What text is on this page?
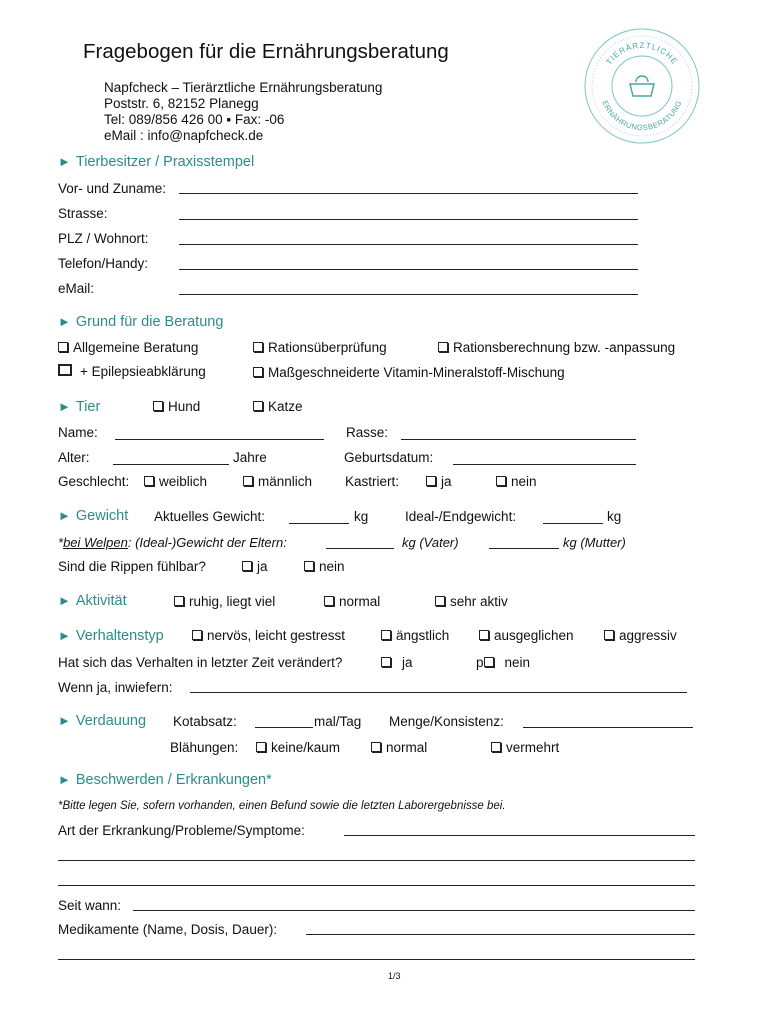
Fragebogen für die Ernährungsberatung
Napfcheck – Tierärztliche Ernährungsberatung
Poststr. 6, 82152 Planegg
Tel: 089/856 426 00 ▪ Fax: -06
eMail : info@napfcheck.de
TIERÄRZTLICHE
ERNÄHRUNGSBERATUNG
► Tierbesitzer / Praxisstempel
Vor- und Zuname:
Strasse:
PLZ / Wohnort:
Telefon/Handy:
eMail:
► Grund für die Beratung
Allgemeine Beratung	Rationsüberprüfung	Rationsberechnung bzw. -anpassung
+ Epilepsieabklärung	Maßgeschneiderte Vitamin-Mineralstoff-Mischung
► Tier	Hund	Katze
Name:	Rasse:
Alter:	Jahre	Geburtsdatum:
Geschlecht:	weiblich	männlich Kastriert:	ja	nein
► Gewicht Aktuelles Gewicht:	kg	Ideal-/Endgewicht:	kg
*bei Welpen: (Ideal-)Gewicht der Eltern:	kg (Vater)	kg (Mutter)
Sind die Rippen fühlbar?	ja	nein
► Aktivität	ruhig, liegt viel	normal	sehr aktiv
► Verhaltenstyp	nervös, leicht gestresst	ängstlich	ausgeglichen	aggressiv
Hat sich das Verhalten in letzter Zeit verändert?	ja	p nein
Wenn ja, inwiefern:
► Verdauung Kotabsatz:	mal/Tag Menge/Konsistenz:
Blähungen:	keine/kaum	normal	vermehrt
► Beschwerden / Erkrankungen*
*Bitte legen Sie, sofern vorhanden, einen Befund sowie die letzten Laborergebnisse bei.
Art der Erkrankung/Probleme/Symptome:
Seit wann:
Medikamente (Name, Dosis, Dauer):
1/3
